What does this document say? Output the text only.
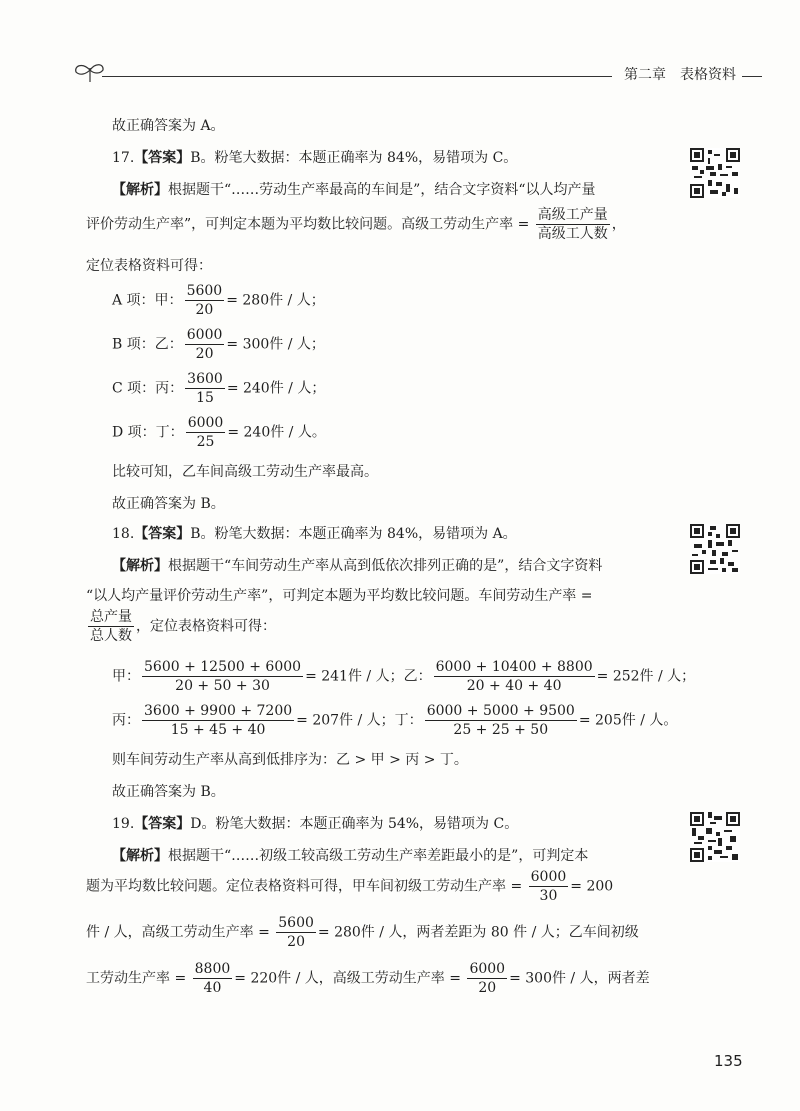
第二章 表格资料
故正确答案为 A。
17.【答案】B。粉笔大数据：本题正确率为 84%，易错项为 C。
【解析】根据题干“……劳动生产率最高的车间是”，结合文字资料“以人均产量
评价劳动生产率”，可判定本题为平均数比较问题。高级工劳动生产率 = $\frac{\text{高级工产量}}{\text{高级工人数}}$ ，
定位表格资料可得：
A 项：甲： $\frac{5600}{20} = 280$件 / 人；
B 项：乙： $\frac{6000}{20} = 300$件 / 人；
C 项：丙： $\frac{3600}{15} = 240$件 / 人；
D 项：丁： $\frac{6000}{25} = 240$件 / 人。
比较可知，乙车间高级工劳动生产率最高。
故正确答案为 B。
18.【答案】B。粉笔大数据：本题正确率为 84%，易错项为 A。
【解析】根据题干“车间劳动生产率从高到低依次排列正确的是”，结合文字资料
“以人均产量评价劳动生产率”，可判定本题为平均数比较问题。车间劳动生产率 =
$\frac{\text{总产量}}{\text{总人数}}$ ，定位表格资料可得：
甲： $\frac{5600 + 12500 + 6000}{20 + 50 + 30} = 241$件 / 人；乙： $\frac{6000 + 10400 + 8800}{20 + 40 + 40} = 252$件 / 人；
丙： $\frac{3600 + 9900 + 7200}{15 + 45 + 40} = 207$件 / 人；丁： $\frac{6000 + 5000 + 9500}{25 + 25 + 50} = 205$件 / 人。
则车间劳动生产率从高到低排序为：乙 > 甲 > 丙 > 丁。
故正确答案为 B。
19.【答案】D。粉笔大数据：本题正确率为 54%，易错项为 C。
【解析】根据题干“……初级工较高级工劳动生产率差距最小的是”，可判定本
题为平均数比较问题。定位表格资料可得，甲车间初级工劳动生产率 = $\frac{6000}{30} = 200$
件 / 人，高级工劳动生产率 = $\frac{5600}{20} = 280$件 / 人，两者差距为 80 件 / 人；乙车间初级
工劳动生产率 = $\frac{8800}{40} = 220$件 / 人，高级工劳动生产率 = $\frac{6000}{20} = 300$件 / 人，两者差
135
